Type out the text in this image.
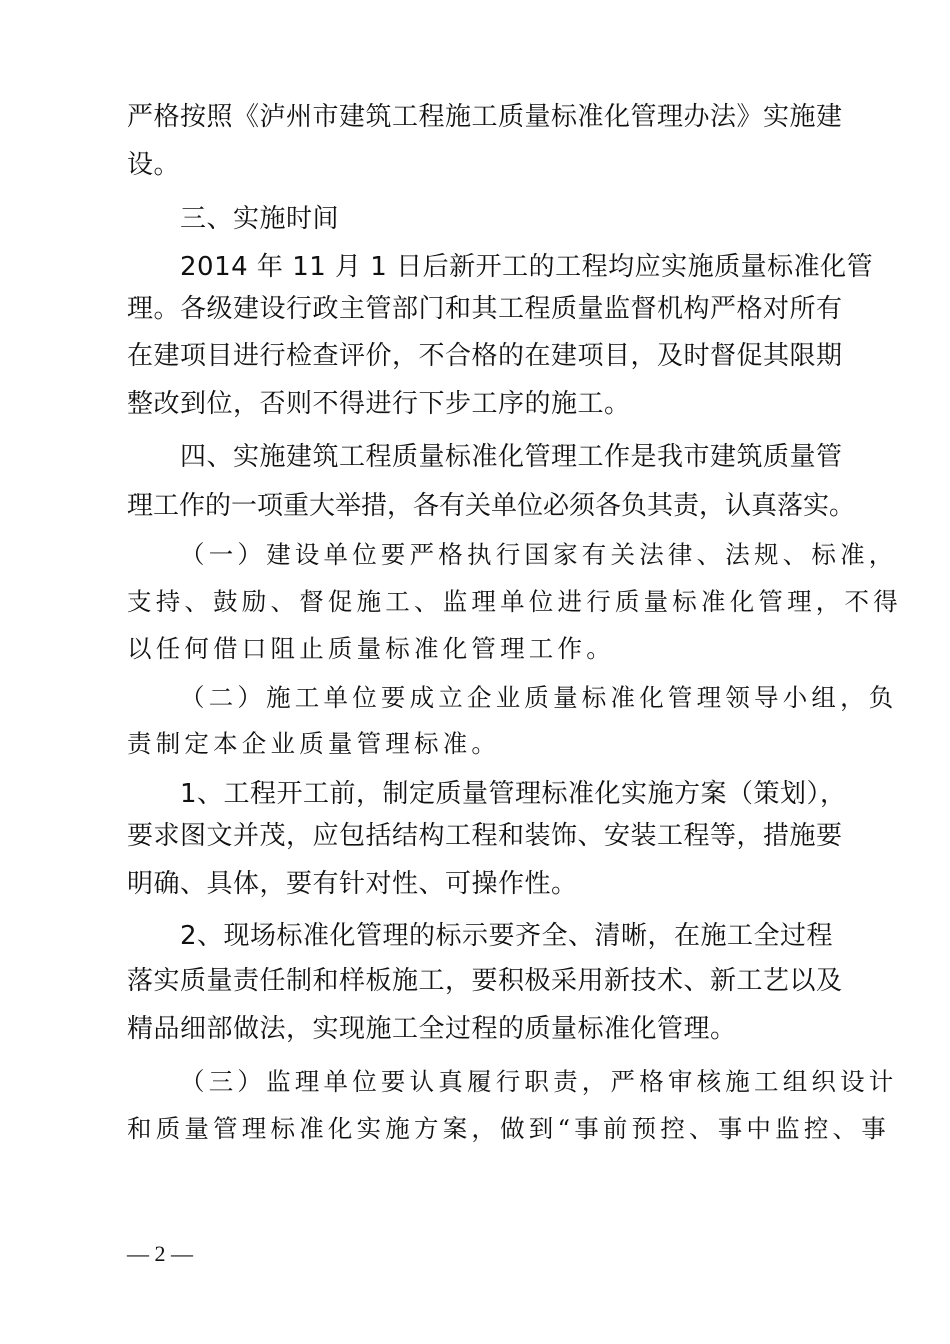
严格按照《泸州市建筑工程施工质量标准化管理办法》实施建
设。
三、实施时间
2014 年 11 月 1 日后新开工的工程均应实施质量标准化管
理。各级建设行政主管部门和其工程质量监督机构严格对所有
在建项目进行检查评价，不合格的在建项目，及时督促其限期
整改到位，否则不得进行下步工序的施工。
四、实施建筑工程质量标准化管理工作是我市建筑质量管
理工作的一项重大举措，各有关单位必须各负其责，认真落实。
（一）建设单位要严格执行国家有关法律、法规、标准，
支持、鼓励、督促施工、监理单位进行质量标准化管理，不得
以任何借口阻止质量标准化管理工作。
（二）施工单位要成立企业质量标准化管理领导小组，负
责制定本企业质量管理标准。
1、工程开工前，制定质量管理标准化实施方案（策划），
要求图文并茂，应包括结构工程和装饰、安装工程等，措施要
明确、具体，要有针对性、可操作性。
2、现场标准化管理的标示要齐全、清晰，在施工全过程
落实质量责任制和样板施工，要积极采用新技术、新工艺以及
精品细部做法，实现施工全过程的质量标准化管理。
（三）监理单位要认真履行职责，严格审核施工组织设计
和质量管理标准化实施方案，做到“事前预控、事中监控、事
— 2 —
